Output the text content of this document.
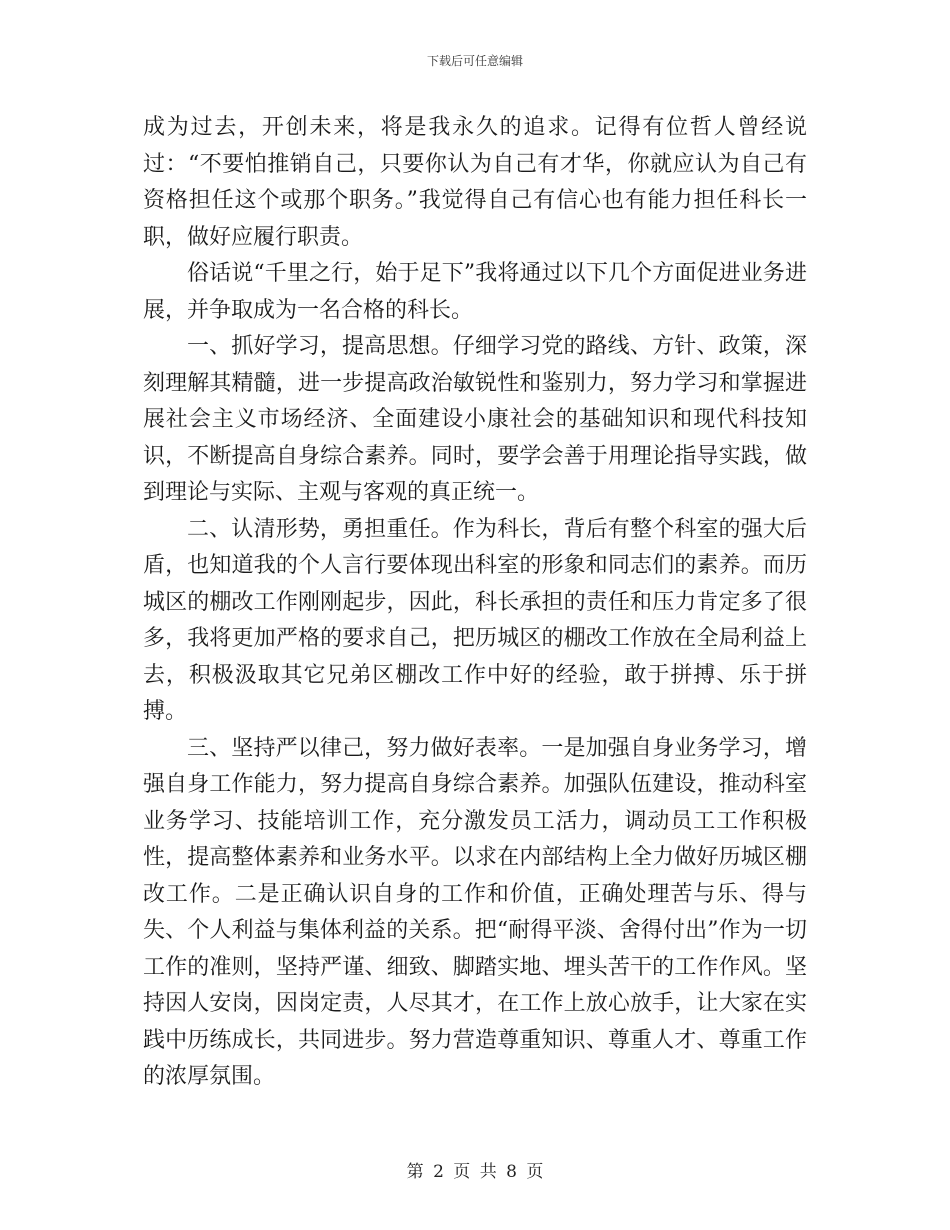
下载后可任意编辑

成为过去，开创未来，将是我永久的追求。记得有位哲人曾经说过：“不要怕推销自己，只要你认为自己有才华，你就应认为自己有资格担任这个或那个职务。”我觉得自己有信心也有能力担任科长一职，做好应履行职责。

俗话说“千里之行，始于足下”我将通过以下几个方面促进业务进展，并争取成为一名合格的科长。

一、抓好学习，提高思想。仔细学习党的路线、方针、政策，深刻理解其精髓，进一步提高政治敏锐性和鉴别力，努力学习和掌握进展社会主义市场经济、全面建设小康社会的基础知识和现代科技知识，不断提高自身综合素养。同时，要学会善于用理论指导实践，做到理论与实际、主观与客观的真正统一。

二、认清形势，勇担重任。作为科长，背后有整个科室的强大后盾，也知道我的个人言行要体现出科室的形象和同志们的素养。而历城区的棚改工作刚刚起步，因此，科长承担的责任和压力肯定多了很多，我将更加严格的要求自己，把历城区的棚改工作放在全局利益上去，积极汲取其它兄弟区棚改工作中好的经验，敢于拼搏、乐于拼搏。

三、坚持严以律己，努力做好表率。一是加强自身业务学习，增强自身工作能力，努力提高自身综合素养。加强队伍建设，推动科室业务学习、技能培训工作，充分激发员工活力，调动员工工作积极性，提高整体素养和业务水平。以求在内部结构上全力做好历城区棚改工作。二是正确认识自身的工作和价值，正确处理苦与乐、得与失、个人利益与集体利益的关系。把“耐得平淡、舍得付出”作为一切工作的准则，坚持严谨、细致、脚踏实地、埋头苦干的工作作风。坚持因人安岗，因岗定责，人尽其才，在工作上放心放手，让大家在实践中历练成长，共同进步。努力营造尊重知识、尊重人才、尊重工作的浓厚氛围。

第 2 页 共 8 页
